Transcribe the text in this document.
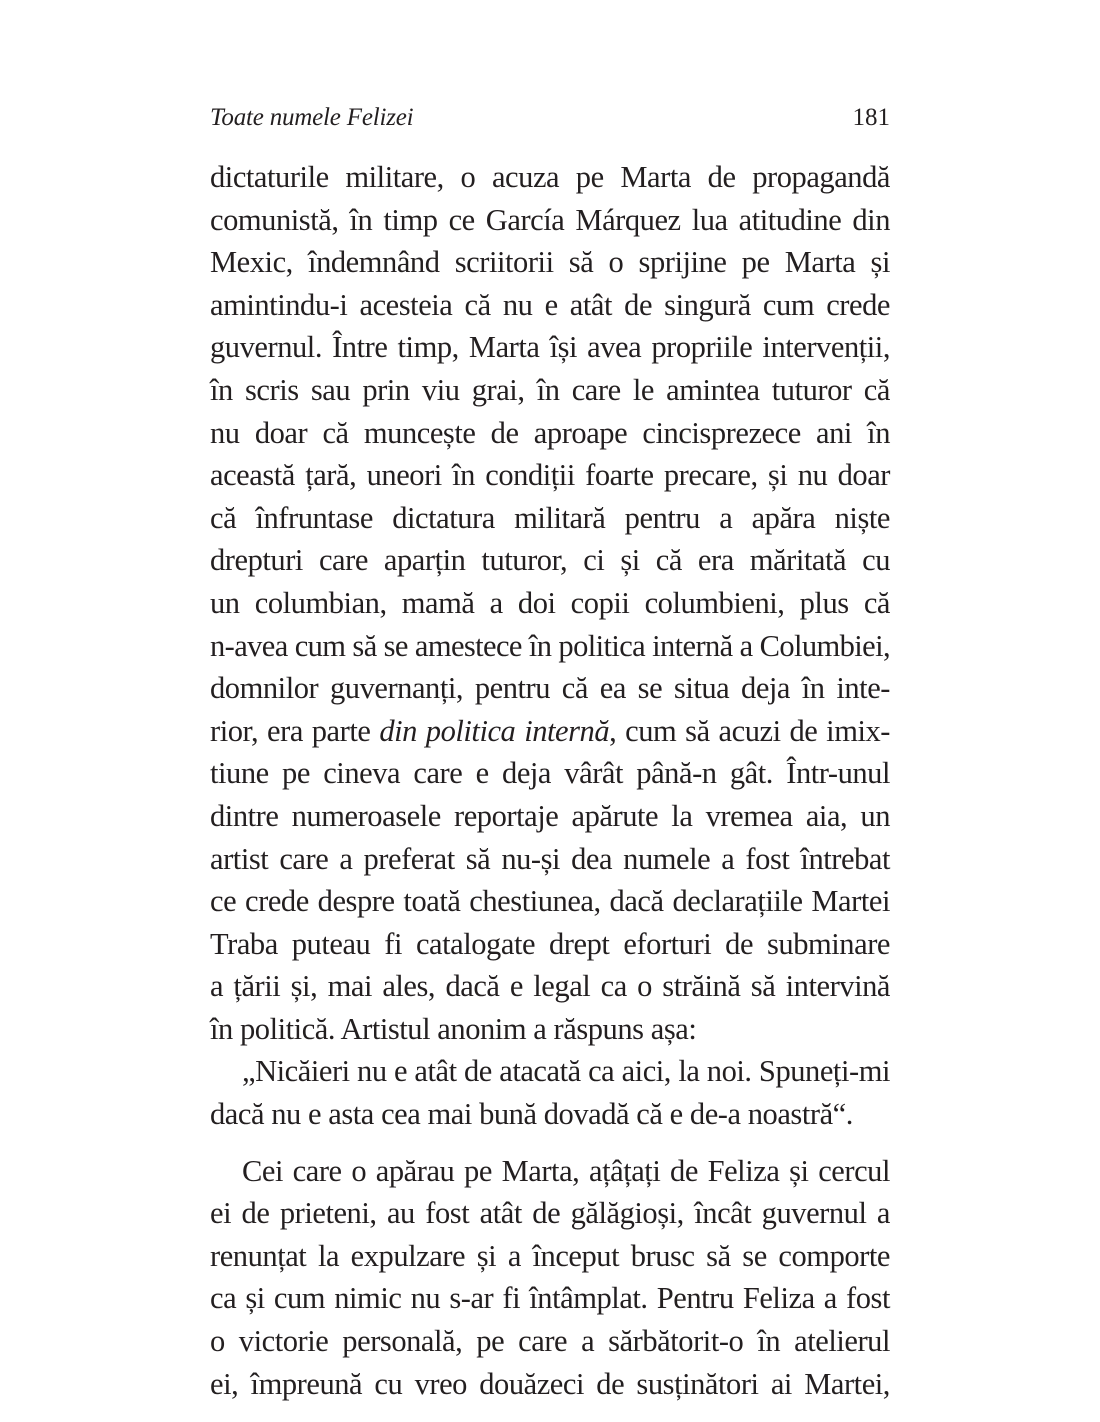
Toate numele Felizei	181
dictaturile militare, o acuza pe Marta de propagandă
comunistă, în timp ce García Márquez lua atitudine din
Mexic, îndemnând scriitorii să o sprijine pe Marta și
amintindu-i acesteia că nu e atât de singură cum crede
guvernul. Între timp, Marta își avea propriile intervenții,
în scris sau prin viu grai, în care le amintea tuturor că
nu doar că muncește de aproape cincisprezece ani în
această țară, uneori în condiții foarte precare, și nu doar
că înfruntase dictatura militară pentru a apăra niște
drepturi care aparțin tuturor, ci și că era măritată cu
un columbian, mamă a doi copii columbieni, plus că
n-avea cum să se amestece în politica internă a Columbiei,
domnilor guvernanți, pentru că ea se situa deja în inte-
rior, era parte din politica internă, cum să acuzi de imix-
tiune pe cineva care e deja vârât până-n gât. Într-unul
dintre numeroasele reportaje apărute la vremea aia, un
artist care a preferat să nu-și dea numele a fost întrebat
ce crede despre toată chestiunea, dacă declarațiile Martei
Traba puteau fi catalogate drept eforturi de subminare
a țării și, mai ales, dacă e legal ca o străină să intervină
în politică. Artistul anonim a răspuns așa:
„Nicăieri nu e atât de atacată ca aici, la noi. Spuneți-mi
dacă nu e asta cea mai bună dovadă că e de-a noastră“.
Cei care o apărau pe Marta, ațâțați de Feliza și cercul
ei de prieteni, au fost atât de gălăgioși, încât guvernul a
renunțat la expulzare și a început brusc să se comporte
ca și cum nimic nu s-ar fi întâmplat. Pentru Feliza a fost
o victorie personală, pe care a sărbătorit-o în atelierul
ei, împreună cu vreo douăzeci de susținători ai Martei,
